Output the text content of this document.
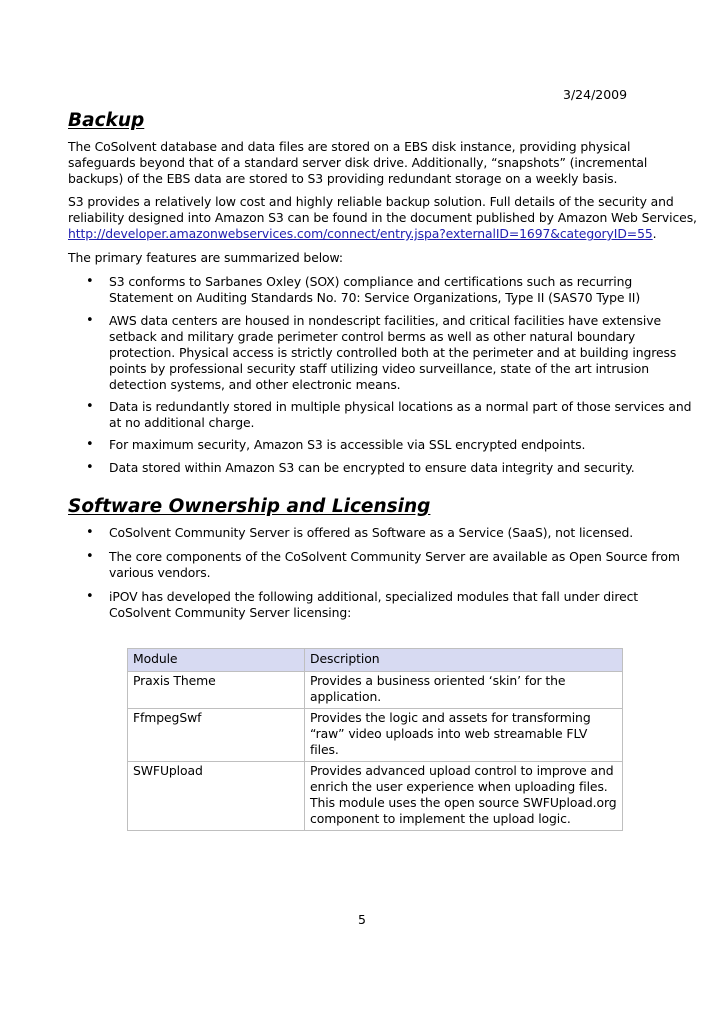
3/24/2009
Backup
The CoSolvent database and data files are stored on a EBS disk instance, providing physical
safeguards beyond that of a standard server disk drive. Additionally, “snapshots” (incremental
backups) of the EBS data are stored to S3 providing redundant storage on a weekly basis.
S3 provides a relatively low cost and highly reliable backup solution. Full details of the security and
reliability designed into Amazon S3 can be found in the document published by Amazon Web Services,
http://developer.amazonwebservices.com/connect/entry.jspa?externalID=1697&categoryID=55.
The primary features are summarized below:
• S3 conforms to Sarbanes Oxley (SOX) compliance and certifications such as recurring
Statement on Auditing Standards No. 70: Service Organizations, Type II (SAS70 Type II)
• AWS data centers are housed in nondescript facilities, and critical facilities have extensive
setback and military grade perimeter control berms as well as other natural boundary
protection. Physical access is strictly controlled both at the perimeter and at building ingress
points by professional security staff utilizing video surveillance, state of the art intrusion
detection systems, and other electronic means.
• Data is redundantly stored in multiple physical locations as a normal part of those services and
at no additional charge.
• For maximum security, Amazon S3 is accessible via SSL encrypted endpoints.
• Data stored within Amazon S3 can be encrypted to ensure data integrity and security.
Software Ownership and Licensing
• CoSolvent Community Server is offered as Software as a Service (SaaS), not licensed.
• The core components of the CoSolvent Community Server are available as Open Source from
various vendors.
• iPOV has developed the following additional, specialized modules that fall under direct
CoSolvent Community Server licensing:
Module	Description
Praxis Theme	Provides a business oriented ‘skin’ for the
application.

FfmpegSwf	Provides the logic and assets for transforming
“raw” video uploads into web streamable FLV
files.

SWFUpload	Provides advanced upload control to improve and
enrich the user experience when uploading files.
This module uses the open source SWFUpload.org
component to implement the upload logic.
5
